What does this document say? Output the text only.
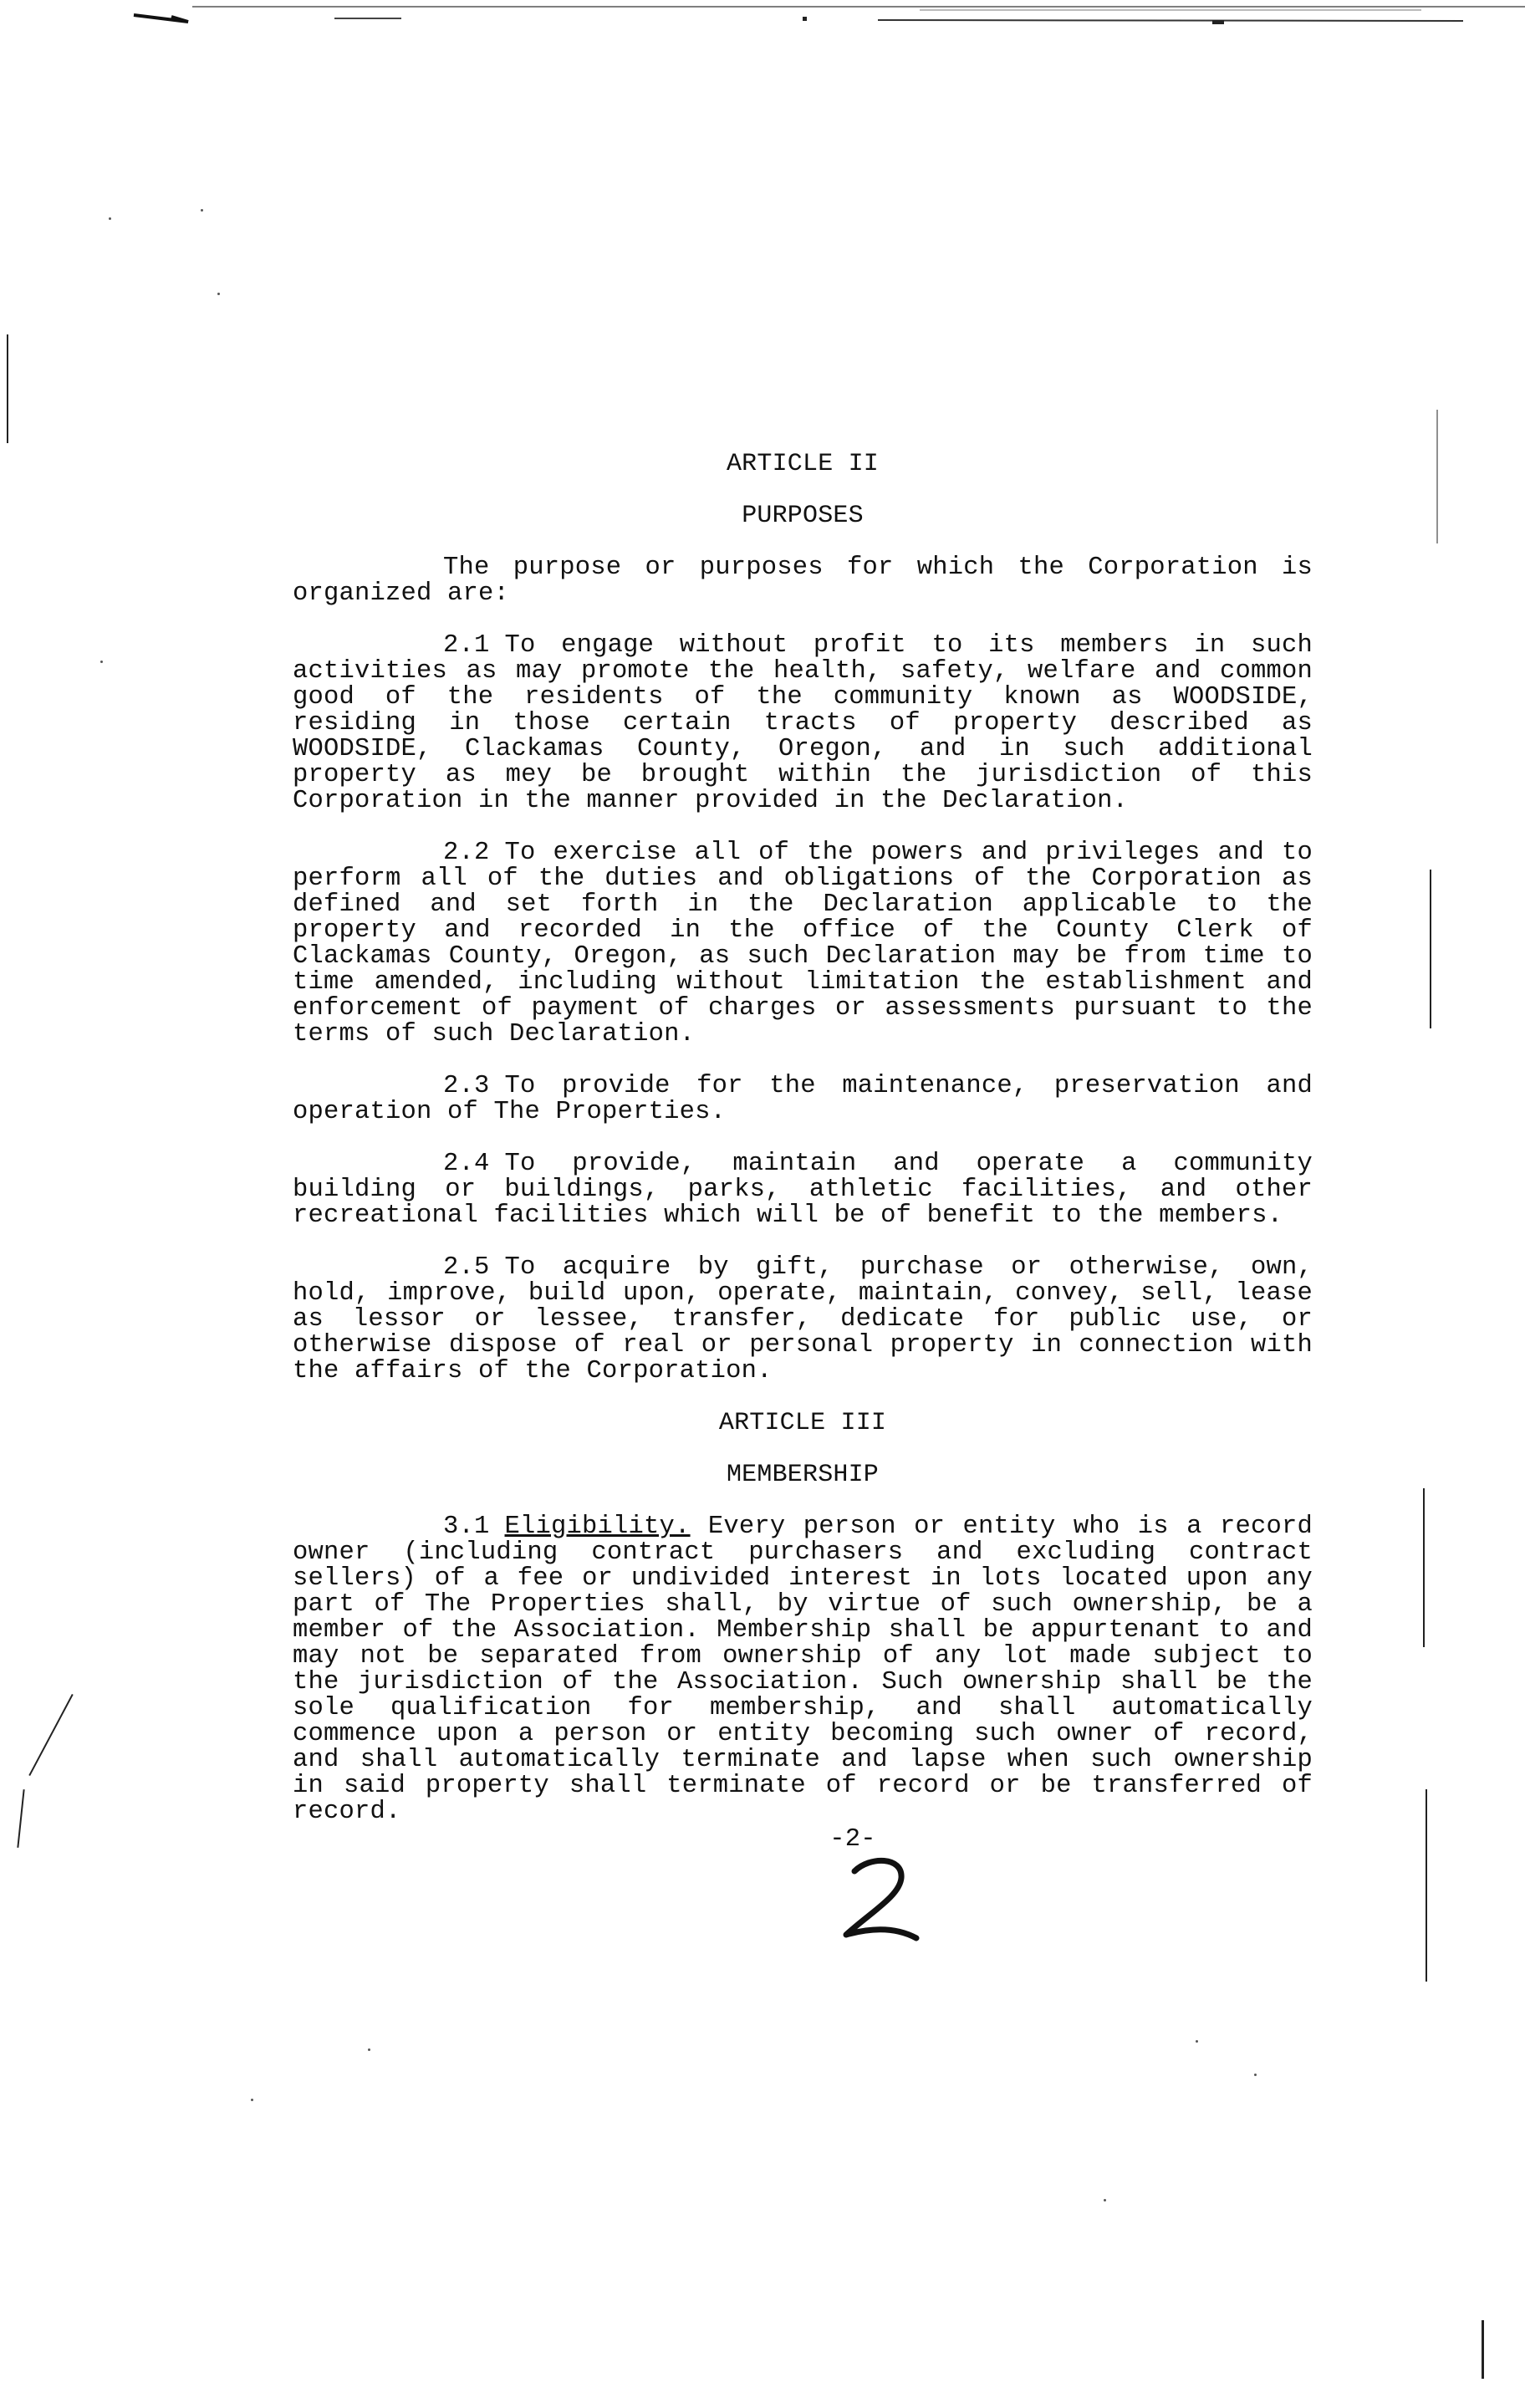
ARTICLE II

PURPOSES

The purpose or purposes for which the Corporation is organized are:

2.1 To engage without profit to its members in such activities as may promote the health, safety, welfare and common good of the residents of the community known as WOODSIDE, residing in those certain tracts of property described as WOODSIDE, Clackamas County, Oregon, and in such additional property as mey be brought within the jurisdiction of this Corporation in the manner provided in the Declaration.

2.2 To exercise all of the powers and privileges and to perform all of the duties and obligations of the Corporation as defined and set forth in the Declaration applicable to the property and recorded in the office of the County Clerk of Clackamas County, Oregon, as such Declaration may be from time to time amended, including without limitation the establishment and enforcement of payment of charges or assessments pursuant to the terms of such Declaration.

2.3 To provide for the maintenance, preservation and operation of The Properties.

2.4 To provide, maintain and operate a community building or buildings, parks, athletic facilities, and other recreational facilities which will be of benefit to the members.

2.5 To acquire by gift, purchase or otherwise, own, hold, improve, build upon, operate, maintain, convey, sell, lease as lessor or lessee, transfer, dedicate for public use, or otherwise dispose of real or personal property in connection with the affairs of the Corporation.

ARTICLE III

MEMBERSHIP

3.1 Eligibility. Every person or entity who is a record owner (including contract purchasers and excluding contract sellers) of a fee or undivided interest in lots located upon any part of The Properties shall, by virtue of such ownership, be a member of the Association. Membership shall be appurtenant to and may not be separated from ownership of any lot made subject to the jurisdiction of the Association. Such ownership shall be the sole qualification for membership, and shall automatically commence upon a person or entity becoming such owner of record, and shall automatically terminate and lapse when such ownership in said property shall terminate of record or be transferred of record.

-2-
